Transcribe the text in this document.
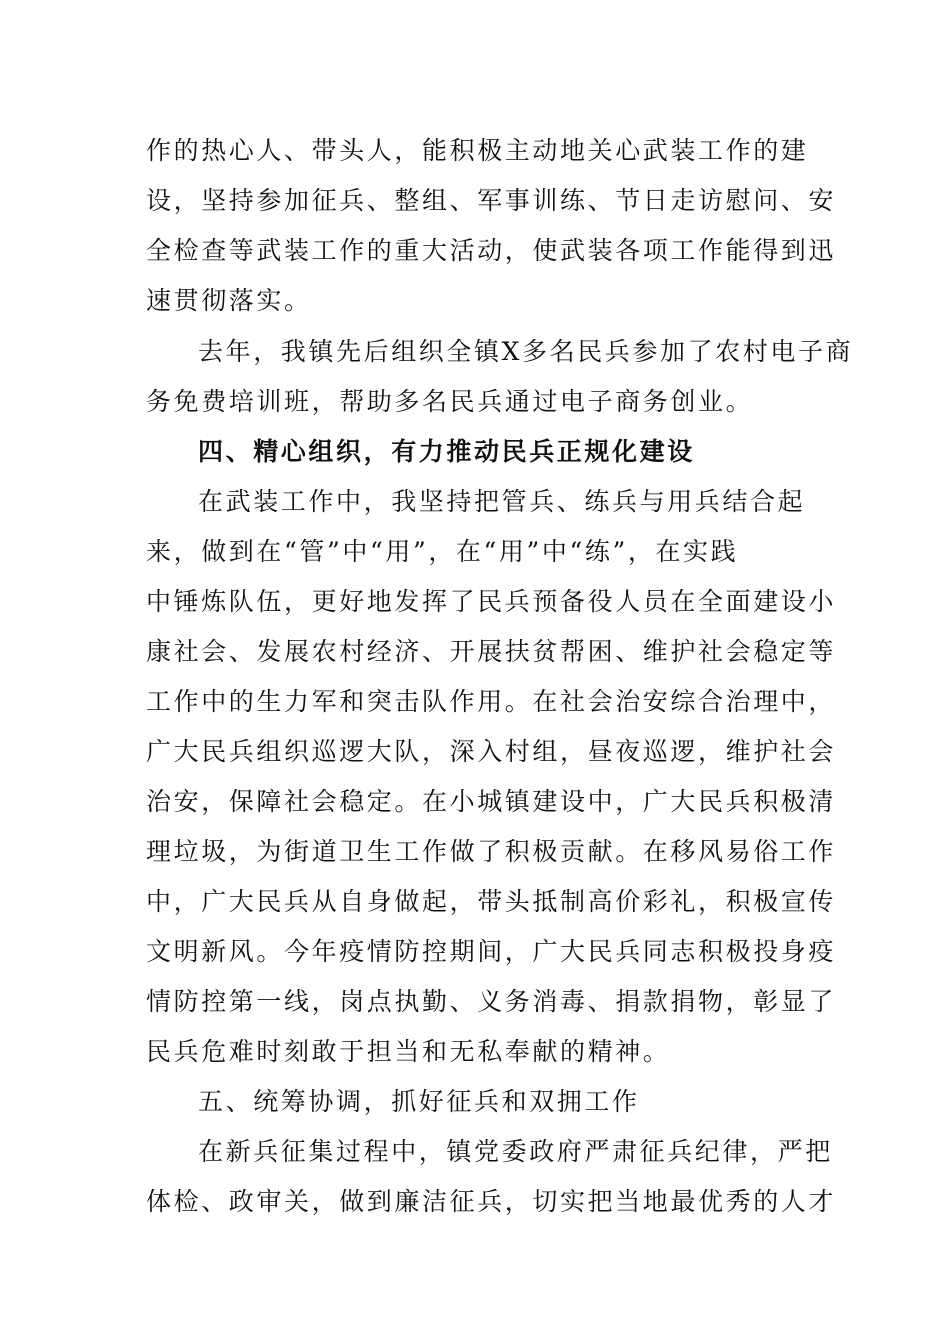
作的热心人、带头人，能积极主动地关心武装工作的建

设，坚持参加征兵、整组、军事训练、节日走访慰问、安

全检查等武装工作的重大活动，使武装各项工作能得到迅

速贯彻落实。

去年，我镇先后组织全镇X多名民兵参加了农村电子商

务免费培训班，帮助多名民兵通过电子商务创业。

四、精心组织，有力推动民兵正规化建设

在武装工作中，我坚持把管兵、练兵与用兵结合起

来，做到在“管”中“用”，在“用”中“练”，在实践

中锤炼队伍，更好地发挥了民兵预备役人员在全面建设小

康社会、发展农村经济、开展扶贫帮困、维护社会稳定等

工作中的生力军和突击队作用。在社会治安综合治理中，

广大民兵组织巡逻大队，深入村组，昼夜巡逻，维护社会

治安，保障社会稳定。在小城镇建设中，广大民兵积极清

理垃圾，为街道卫生工作做了积极贡献。在移风易俗工作

中，广大民兵从自身做起，带头抵制高价彩礼，积极宣传

文明新风。今年疫情防控期间，广大民兵同志积极投身疫

情防控第一线，岗点执勤、义务消毒、捐款捐物，彰显了

民兵危难时刻敢于担当和无私奉献的精神。

五、统筹协调，抓好征兵和双拥工作

在新兵征集过程中，镇党委政府严肃征兵纪律，严把

体检、政审关，做到廉洁征兵，切实把当地最优秀的人才
